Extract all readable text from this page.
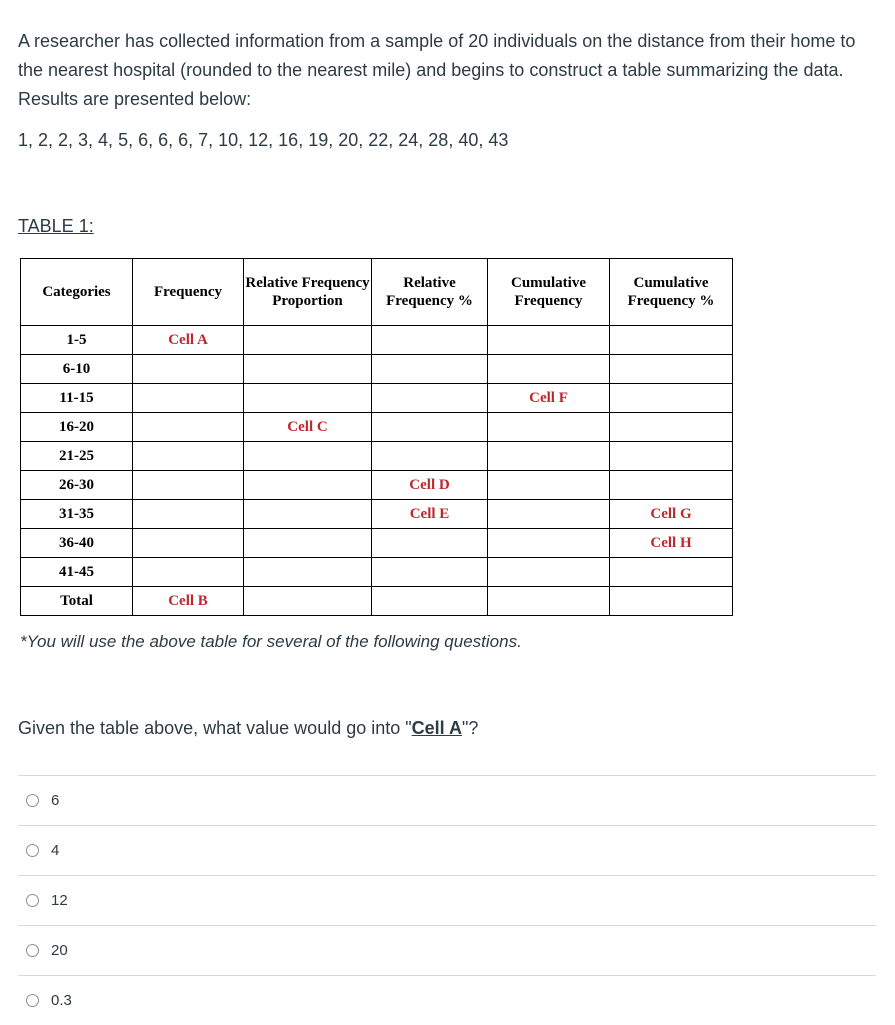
A researcher has collected information from a sample of 20 individuals on the distance from their home to the nearest hospital (rounded to the nearest mile) and begins to construct a table summarizing the data. Results are presented below:

1, 2, 2, 3, 4, 5, 6, 6, 6, 7, 10, 12, 16, 19, 20, 22, 24, 28, 40, 43

TABLE 1:

Categories	Frequency	Relative Frequency Proportion	Relative Frequency %	Cumulative Frequency	Cumulative Frequency %
1-5	Cell A				
6-10					
11-15				Cell F	
16-20		Cell C			
21-25					
26-30			Cell D		
31-35			Cell E		Cell G
36-40					Cell H
41-45					
Total	Cell B				

*You will use the above table for several of the following questions.

Given the table above, what value would go into "Cell A"?

6
4
12
20
0.3
